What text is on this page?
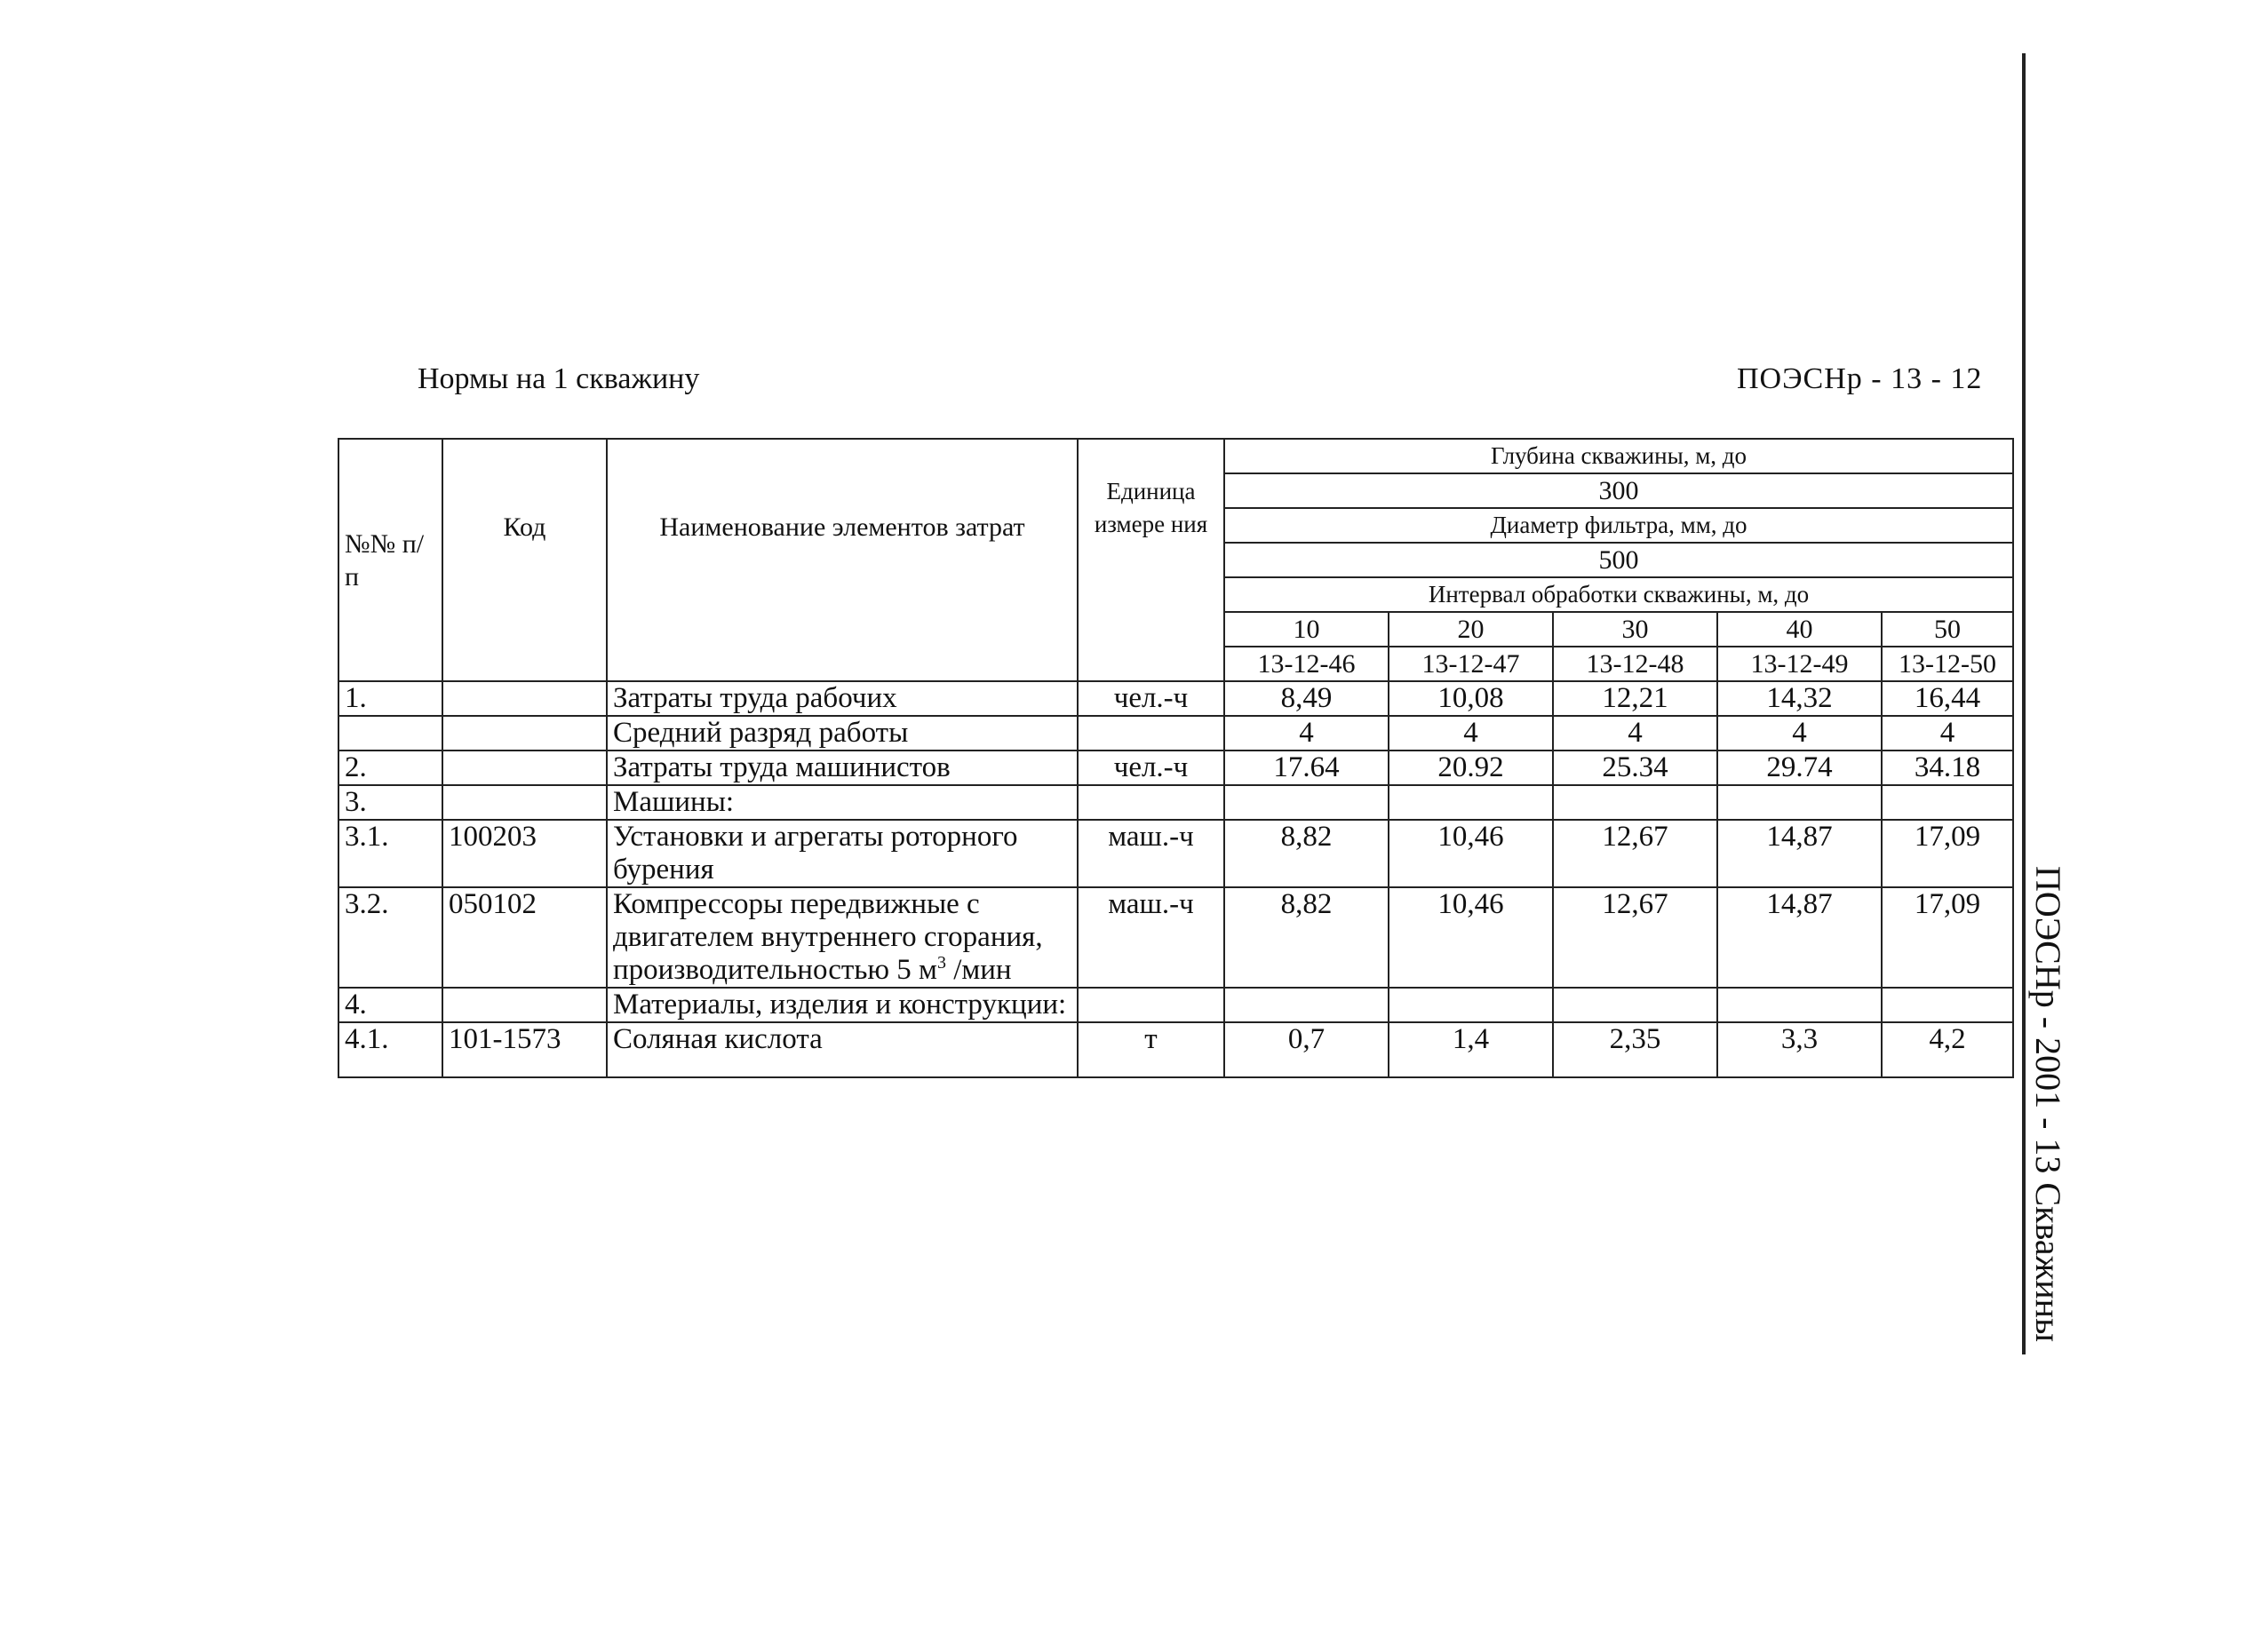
Нормы на 1 скважину	ПОЭСНр - 13 - 12
ПОЭСНр - 2001 - 13 Скважины
№№ п/п	Код	Наименование элементов затрат	Единица измере ния	Глубина скважины, м, до				
				300				
				Диаметр фильтра, мм, до				
				500				
				Интервал обработки скважины, м, до				
				10	20	30	40	50
				13-12-46	13-12-47	13-12-48	13-12-49	13-12-50
1.		Затраты труда рабочих	чел.-ч	8,49	10,08	12,21	14,32	16,44
		Средний разряд работы		4	4	4	4	4
2.		Затраты труда машинистов	чел.-ч	17.64	20.92	25.34	29.74	34.18
3.		Машины:						
3.1.	100203	Установки и агрегаты роторного бурения	маш.-ч	8,82	10,46	12,67	14,87	17,09
3.2.	050102	Компрессоры передвижные с двигателем внутреннего сгорания, производительностью 5 $м^3$ /мин	маш.-ч	8,82	10,46	12,67	14,87	17,09
4.		Материалы, изделия и конструкции:						
4.1.	101-1573	Соляная кислота	т	0,7	1,4	2,35	3,3	4,2
